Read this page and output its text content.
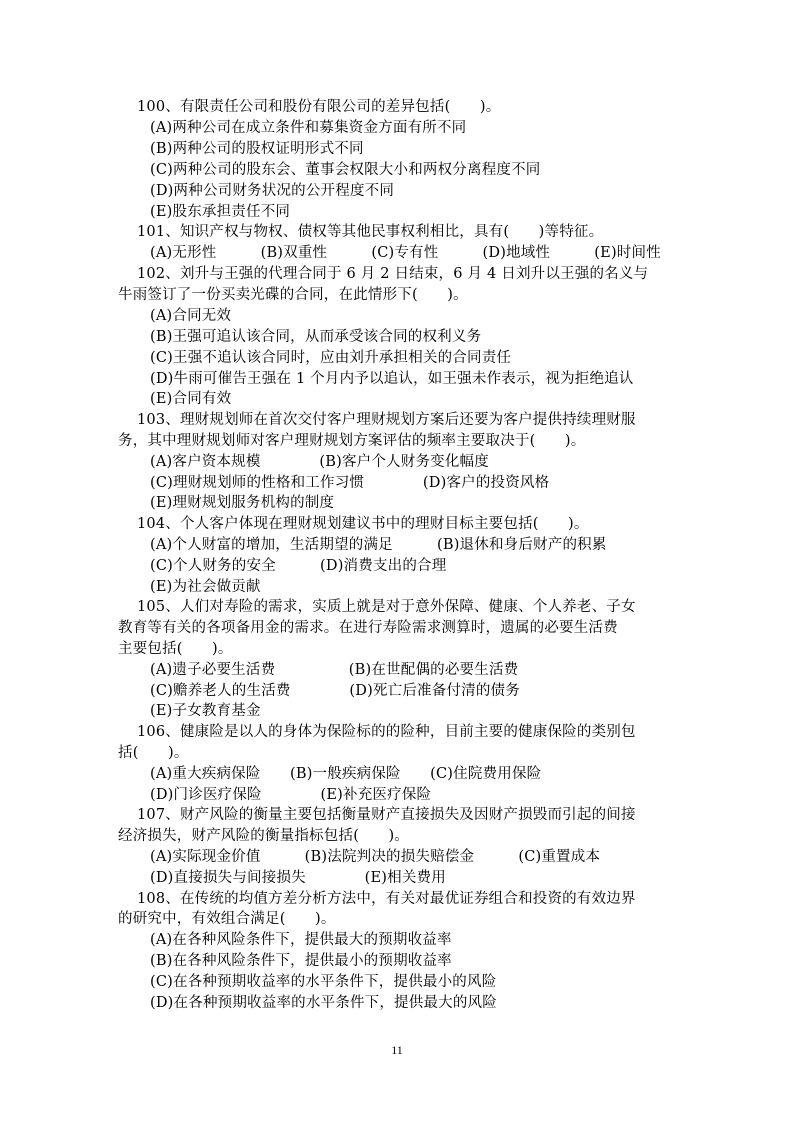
100、有限责任公司和股份有限公司的差异包括(　　)。
(A)两种公司在成立条件和募集资金方面有所不同
(B)两种公司的股权证明形式不同
(C)两种公司的股东会、董事会权限大小和两权分离程度不同
(D)两种公司财务状况的公开程度不同
(E)股东承担责任不同
101、知识产权与物权、债权等其他民事权利相比，具有(　　)等特征。
(A)无形性　　　(B)双重性　　　(C)专有性　　　(D)地域性　　　(E)时间性
102、刘升与王强的代理合同于 6 月 2 日结束，6 月 4 日刘升以王强的名义与
牛雨签订了一份买卖光碟的合同，在此情形下(　　)。
(A)合同无效
(B)王强可追认该合同，从而承受该合同的权利义务
(C)王强不追认该合同时，应由刘升承担相关的合同责任
(D)牛雨可催告王强在 1 个月内予以追认，如王强未作表示，视为拒绝追认
(E)合同有效
103、理财规划师在首次交付客户理财规划方案后还要为客户提供持续理财服
务，其中理财规划师对客户理财规划方案评估的频率主要取决于(　　)。
(A)客户资本规模　　　　(B)客户个人财务变化幅度
(C)理财规划师的性格和工作习惯　　　　(D)客户的投资风格
(E)理财规划服务机构的制度
104、个人客户体现在理财规划建议书中的理财目标主要包括(　　)。
(A)个人财富的增加，生活期望的满足　　　(B)退休和身后财产的积累
(C)个人财务的安全　　　(D)消费支出的合理
(E)为社会做贡献
105、人们对寿险的需求，实质上就是对于意外保障、健康、个人养老、子女
教育等有关的各项备用金的需求。在进行寿险需求测算时，遗属的必要生活费
主要包括(　　)。
(A)遗子必要生活费　　　　　(B)在世配偶的必要生活费
(C)赡养老人的生活费　　　　(D)死亡后准备付清的债务
(E)子女教育基金
106、健康险是以人的身体为保险标的的险种，目前主要的健康保险的类别包
括(　　)。
(A)重大疾病保险　　(B)一般疾病保险　　(C)住院费用保险
(D)门诊医疗保险　　　　(E)补充医疗保险
107、财产风险的衡量主要包括衡量财产直接损失及因财产损毁而引起的间接
经济损失，财产风险的衡量指标包括(　　)。
(A)实际现金价值　　　(B)法院判决的损失赔偿金　　　(C)重置成本
(D)直接损失与间接损失　　　　(E)相关费用
108、在传统的均值方差分析方法中，有关对最优证券组合和投资的有效边界
的研究中，有效组合满足(　　)。
(A)在各种风险条件下，提供最大的预期收益率
(B)在各种风险条件下，提供最小的预期收益率
(C)在各种预期收益率的水平条件下，提供最小的风险
(D)在各种预期收益率的水平条件下，提供最大的风险
11
